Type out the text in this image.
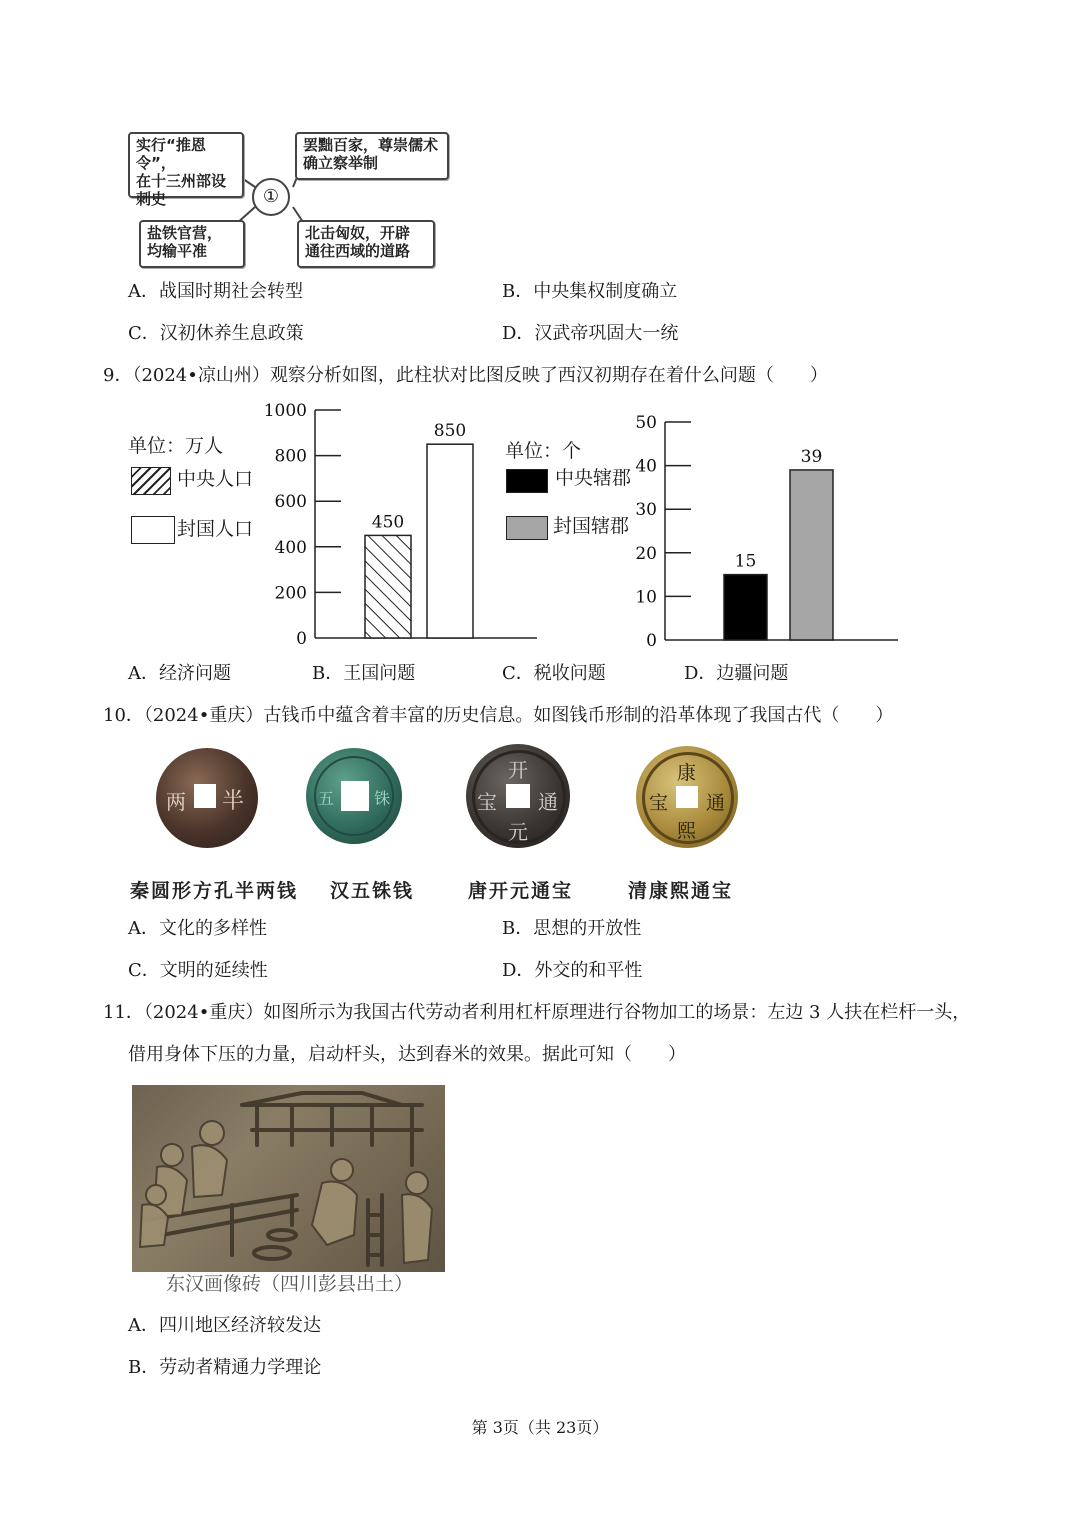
实行“推恩令”，
在十三州部设
刺史
罢黜百家，尊崇儒术
确立察举制
盐铁官营，
均输平准
北击匈奴，开辟
通往西域的道路
①
A．战国时期社会转型	B．中央集权制度确立
C．汉初休养生息政策	D．汉武帝巩固大一统
9．（2024•凉山州）观察分析如图，此柱状对比图反映了西汉初期存在着什么问题（　　）
单位：万人
中央人口
封国人口
0
200
400
600
800
1000
450
850
单位：个
中央辖郡
封国辖郡
0
10
20
30
40
50
15
39
A．经济问题	B．王国问题	C．税收问题	D．边疆问题
10．（2024•重庆）古钱币中蕴含着丰富的历史信息。如图钱币形制的沿革体现了我国古代（　　）
两 半	五 铢
开
元
通
宝
康
熙
通
宝
秦圆形方孔半两钱 汉五铢钱	唐开元通宝	清康熙通宝
A．文化的多样性	B．思想的开放性
C．文明的延续性	D．外交的和平性
11．（2024•重庆）如图所示为我国古代劳动者利用杠杆原理进行谷物加工的场景：左边 3 人扶在栏杆一头，
借用身体下压的力量，启动杆头，达到舂米的效果。据此可知（　　）
东汉画像砖（四川彭县出土）
A．四川地区经济较发达
B．劳动者精通力学理论
第 3页（共 23页）
